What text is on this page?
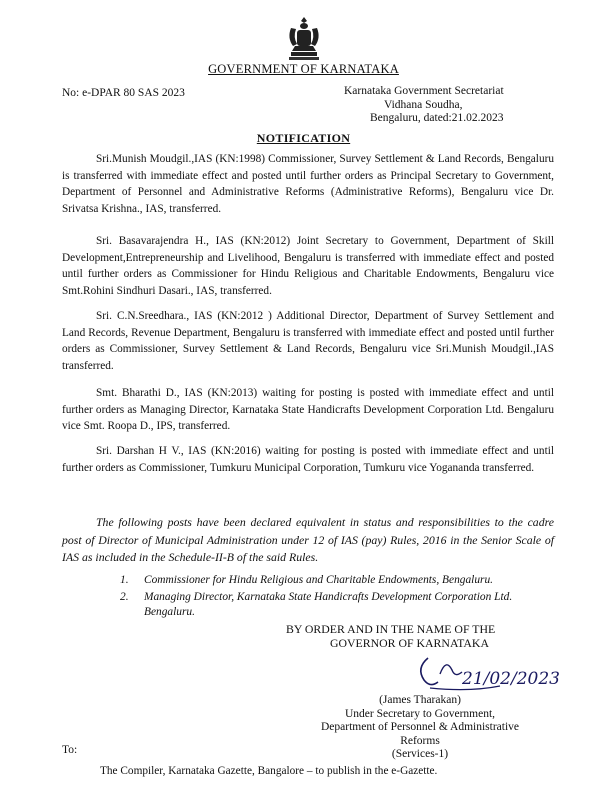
GOVERNMENT OF KARNATAKA
No: e-DPAR 80 SAS 2023	Karnataka Government Secretariat
Vidhana Soudha,
Bengaluru, dated:21.02.2023
NOTIFICATION
Sri.Munish Moudgil.,IAS (KN:1998) Commissioner, Survey Settlement & Land Records, Bengaluru is transferred with immediate effect and posted until further orders as Principal Secretary to Government, Department of Personnel and Administrative Reforms (Administrative Reforms), Bengaluru vice Dr. Srivatsa Krishna., IAS, transferred.
Sri. Basavarajendra H., IAS (KN:2012) Joint Secretary to Government, Department of Skill Development,Entrepreneurship and Livelihood, Bengaluru is transferred with immediate effect and posted until further orders as Commissioner for Hindu Religious and Charitable Endowments, Bengaluru vice Smt.Rohini Sindhuri Dasari., IAS, transferred.
Sri. C.N.Sreedhara., IAS (KN:2012 ) Additional Director, Department of Survey Settlement and Land Records, Revenue Department, Bengaluru is transferred with immediate effect and posted until further orders as Commissioner, Survey Settlement & Land Records, Bengaluru vice Sri.Munish Moudgil.,IAS transferred.
Smt. Bharathi D., IAS (KN:2013) waiting for posting is posted with immediate effect and until further orders as Managing Director, Karnataka State Handicrafts Development Corporation Ltd. Bengaluru vice Smt. Roopa D., IPS, transferred.
Sri. Darshan H V., IAS (KN:2016) waiting for posting is posted with immediate effect and until further orders as Commissioner, Tumkuru Municipal Corporation, Tumkuru vice Yogananda transferred.
The following posts have been declared equivalent in status and responsibilities to the cadre post of Director of Municipal Administration under 12 of IAS (pay) Rules, 2016 in the Senior Scale of IAS as included in the Schedule-II-B of the said Rules.
1. Commissioner for Hindu Religious and Charitable Endowments, Bengaluru.
2. Managing Director, Karnataka State Handicrafts Development Corporation Ltd. Bengaluru.
BY ORDER AND IN THE NAME OF THE
GOVERNOR OF KARNATAKA
21/02/2023
(James Tharakan)
Under Secretary to Government,
Department of Personnel & Administrative Reforms
(Services-1)
To:
The Compiler, Karnataka Gazette, Bangalore – to publish in the e-Gazette.
